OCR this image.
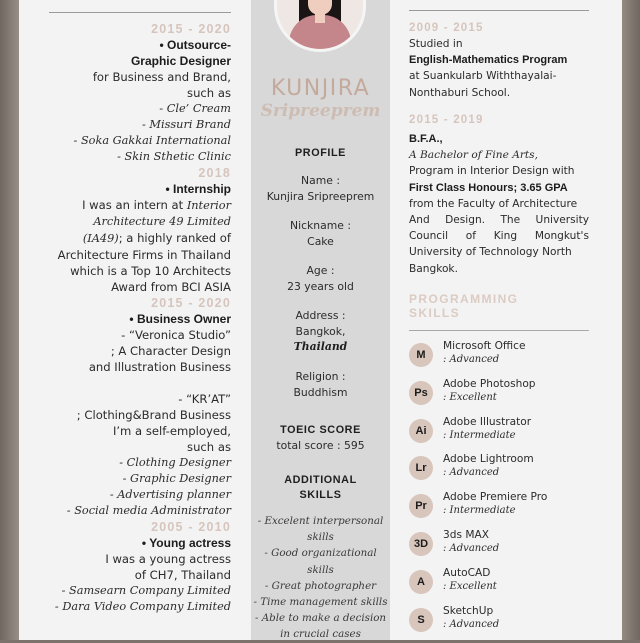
2015 - 2020
• Outsource-
Graphic Designer
for Business and Brand,
such as
- Cle’ Cream
- Missuri Brand
- Soka Gakkai International
- Skin Sthetic Clinic
2018
• Internship
I was an intern at Interior
Architecture 49 Limited
(IA49); a highly ranked of
Architecture Firms in Thailand
which is a Top 10 Architects
Award from BCI ASIA
2015 - 2020
• Business Owner
- “Veronica Studio”
; A Character Design
and Illustration Business

- “KR’AT”
; Clothing&Brand Business
I’m a self-employed,
such as
- Clothing Designer
- Graphic Designer
- Advertising planner
- Social media Administrator
2005 - 2010
• Young actress
I was a young actress
of CH7, Thailand
- Samsearn Company Limited
- Dara Video Company Limited
KUNJIRA
Sripreeprem
PROFILE
Name :
Kunjira Sripreeprem
Nickname :
Cake
Age :
23 years old
Address :
Bangkok,
Thailand
Religion :
Buddhism
TOEIC SCORE
total score : 595
ADDITIONAL
SKILLS
- Excelent interpersonal
skills
- Good organizational
skills
- Great photographer
- Time management skills
- Able to make a decision
in crucial cases
2009 - 2015
Studied in
English-Mathematics Program
at Suankularb Withthayalai-
Nonthaburi School.
2015 - 2019
B.F.A.,
A Bachelor of Fine Arts,
Program in Interior Design with
First Class Honours; 3.65 GPA
from the Faculty of Architecture
And Design. The University
Council of King Mongkut's
University of Technology North
Bangkok.
PROGRAMMING
SKILLS
M
Microsoft Office
: Advanced
Ps
Adobe Photoshop
: Excellent
Ai
Adobe Illustrator
: Intermediate
Lr
Adobe Lightroom
: Advanced
Pr
Adobe Premiere Pro
: Intermediate
3D
3ds MAX
: Advanced
A
AutoCAD
: Excellent
S
SketchUp
: Advanced
